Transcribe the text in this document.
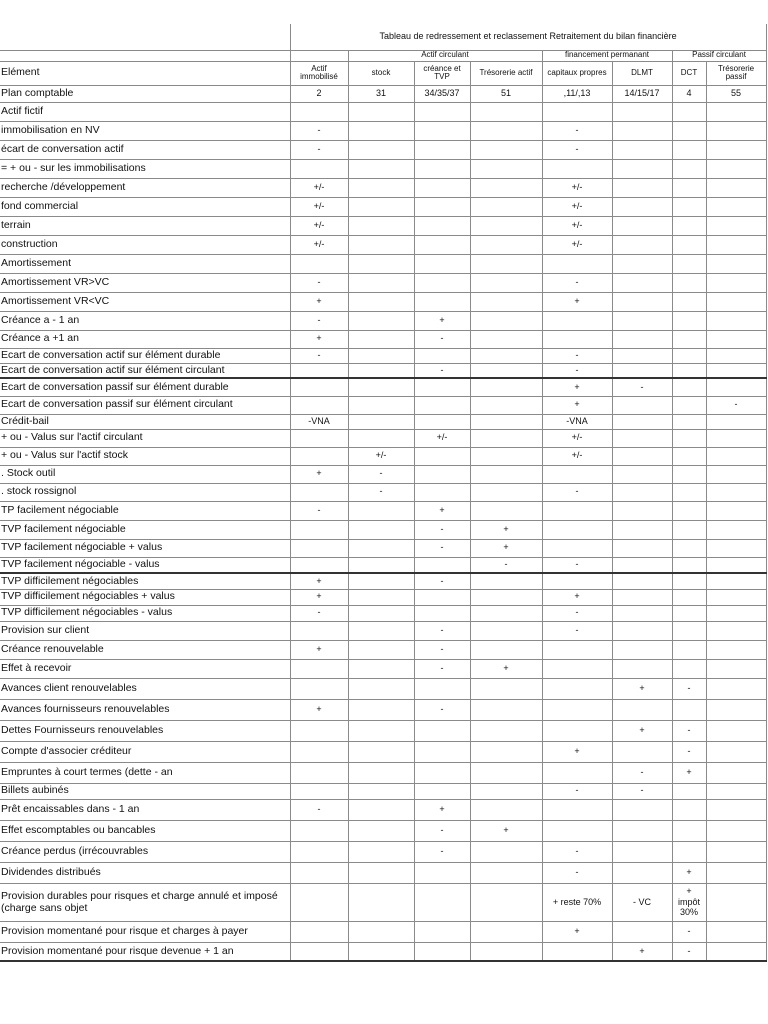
	Tableau de redressement et reclassement Retraitement du bilan financière							
		Actif circulant			financement permanant		Passif circulant	
Elément	Actif immobilisé	stock	créance et TVP	Trésorerie actif	capitaux propres	DLMT	DCT	Trésorerie passif
Plan comptable	2	31	34/35/37	51	,11/,13	14/15/17	4	55
Actif fictif								
immobilisation en NV	-				-			
écart de conversation actif	-				-			
= + ou - sur les immobilisations								
recherche /développement	+/-				+/-			
fond commercial	+/-				+/-			
terrain	+/-				+/-			
construction	+/-				+/-			
Amortissement								
Amortissement VR>VC	-				-			
Amortissement VR<VC	+				+			
Créance a - 1 an	-		+					
Créance a +1 an	+		-					
Ecart de conversation actif sur élément durable	-				-			
Ecart de conversation actif sur élément circulant			-		-			
Ecart de conversation passif sur élément durable					+	-		
Ecart de conversation passif sur élément circulant					+			-
Crédit-bail	-VNA				-VNA			
+ ou - Valus sur l'actif circulant			+/-		+/-			
+ ou - Valus sur l'actif stock		+/-			+/-			
. Stock outil	+	-						
. stock rossignol		-			-			
TP facilement négociable	-		+					
TVP facilement négociable			-	+				
TVP facilement négociable + valus			-	+				
TVP facilement négociable - valus				-	-			
TVP difficilement négociables	+		-					
TVP difficilement négociables + valus	+				+			
TVP difficilement négociables - valus	-				-			
Provision sur client			-		-			
Créance renouvelable	+		-					
Effet à recevoir			-	+				
Avances client renouvelables						+	-	
Avances fournisseurs renouvelables	+		-					
Dettes Fournisseurs renouvelables						+	-	
Compte d'associer créditeur					+		-	
Empruntes à court termes (dette - an						-	+	
Billets aubinés					-	-		
Prêt encaissables dans - 1 an	-		+					
Effet escomptables ou bancables			-	+				
Créance perdus (irrécouvrables			-		-			
Dividendes distribués					-		+	
Provision durables pour risques et charge annulé et imposé (charge sans objet					+ reste 70%	- VC	+ impôt 30%	
Provision momentané pour risque et charges à payer					+		-	
Provision momentané pour risque devenue + 1 an						+	-	
